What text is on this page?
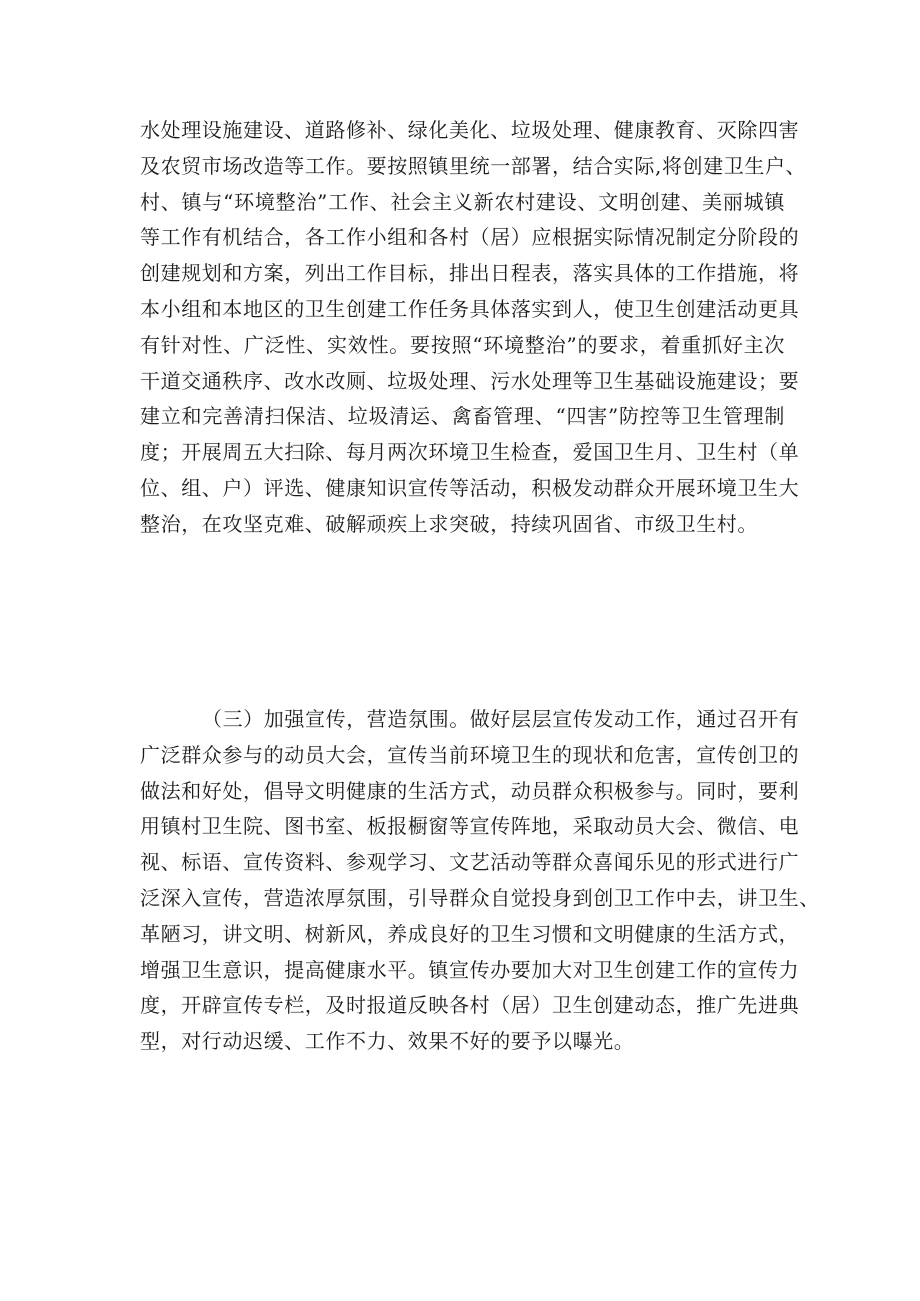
水处理设施建设、道路修补、绿化美化、垃圾处理、健康教育、灭除四害
及农贸市场改造等工作。要按照镇里统一部署，结合实际,将创建卫生户、
村、镇与“环境整治”工作、社会主义新农村建设、文明创建、美丽城镇
等工作有机结合，各工作小组和各村（居）应根据实际情况制定分阶段的
创建规划和方案，列出工作目标，排出日程表，落实具体的工作措施，将
本小组和本地区的卫生创建工作任务具体落实到人，使卫生创建活动更具
有针对性、广泛性、实效性。要按照“环境整治”的要求，着重抓好主次
干道交通秩序、改水改厕、垃圾处理、污水处理等卫生基础设施建设；要
建立和完善清扫保洁、垃圾清运、禽畜管理、“四害”防控等卫生管理制
度；开展周五大扫除、每月两次环境卫生检查，爱国卫生月、卫生村（单
位、组、户）评选、健康知识宣传等活动，积极发动群众开展环境卫生大
整治，在攻坚克难、破解顽疾上求突破，持续巩固省、市级卫生村。
（三）加强宣传，营造氛围。做好层层宣传发动工作，通过召开有
广泛群众参与的动员大会，宣传当前环境卫生的现状和危害，宣传创卫的
做法和好处，倡导文明健康的生活方式，动员群众积极参与。同时，要利
用镇村卫生院、图书室、板报橱窗等宣传阵地，采取动员大会、微信、电
视、标语、宣传资料、参观学习、文艺活动等群众喜闻乐见的形式进行广
泛深入宣传，营造浓厚氛围，引导群众自觉投身到创卫工作中去，讲卫生、
革陋习，讲文明、树新风，养成良好的卫生习惯和文明健康的生活方式，
增强卫生意识，提高健康水平。镇宣传办要加大对卫生创建工作的宣传力
度，开辟宣传专栏，及时报道反映各村（居）卫生创建动态，推广先进典
型，对行动迟缓、工作不力、效果不好的要予以曝光。
